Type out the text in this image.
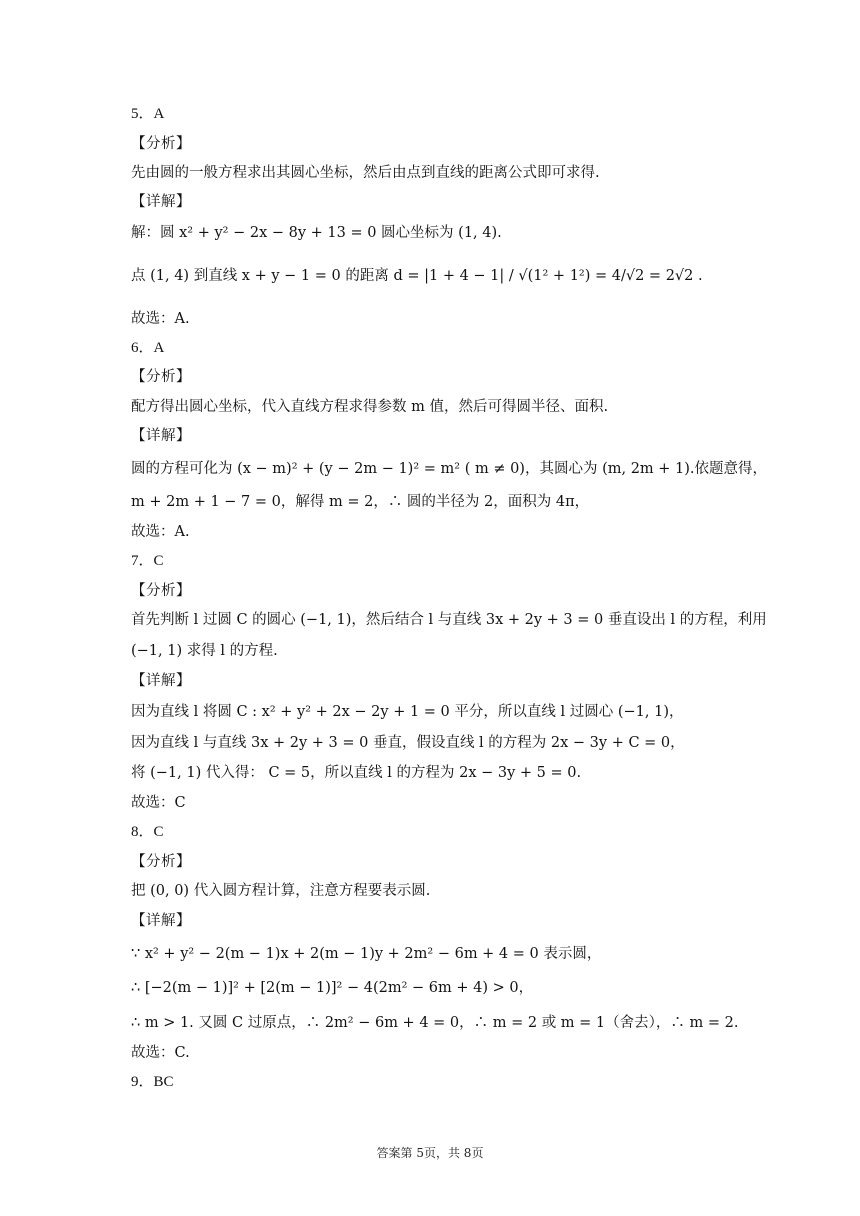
5．A
【分析】
先由圆的一般方程求出其圆心坐标，然后由点到直线的距离公式即可求得.
【详解】
解：圆 x² + y² − 2x − 8y + 13 = 0 圆心坐标为 (1, 4).
点 (1, 4) 到直线 x + y − 1 = 0 的距离 d = |1 + 4 − 1| / √(1² + 1²) = 4/√2 = 2√2 .
故选：A.
6．A
【分析】
配方得出圆心坐标，代入直线方程求得参数 m 值，然后可得圆半径、面积.
【详解】
圆的方程可化为 (x − m)² + (y − 2m − 1)² = m² ( m ≠ 0)，其圆心为 (m, 2m + 1).依题意得，
m + 2m + 1 − 7 = 0，解得 m = 2，∴ 圆的半径为 2，面积为 4π，
故选：A.
7．C
【分析】
首先判断 l 过圆 C 的圆心 (−1, 1)，然后结合 l 与直线 3x + 2y + 3 = 0 垂直设出 l 的方程，利用
(−1, 1) 求得 l 的方程.
【详解】
因为直线 l 将圆 C : x² + y² + 2x − 2y + 1 = 0 平分，所以直线 l 过圆心 (−1, 1)，
因为直线 l 与直线 3x + 2y + 3 = 0 垂直，假设直线 l 的方程为 2x − 3y + C = 0，
将 (−1, 1) 代入得： C = 5，所以直线 l 的方程为 2x − 3y + 5 = 0.
故选：C
8．C
【分析】
把 (0, 0) 代入圆方程计算，注意方程要表示圆.
【详解】
∵ x² + y² − 2(m − 1)x + 2(m − 1)y + 2m² − 6m + 4 = 0 表示圆，
∴ [−2(m − 1)]² + [2(m − 1)]² − 4(2m² − 6m + 4) > 0，
∴ m > 1. 又圆 C 过原点，∴ 2m² − 6m + 4 = 0，∴ m = 2 或 m = 1（舍去），∴ m = 2.
故选：C.
9．BC
答案第 5页，共 8页
